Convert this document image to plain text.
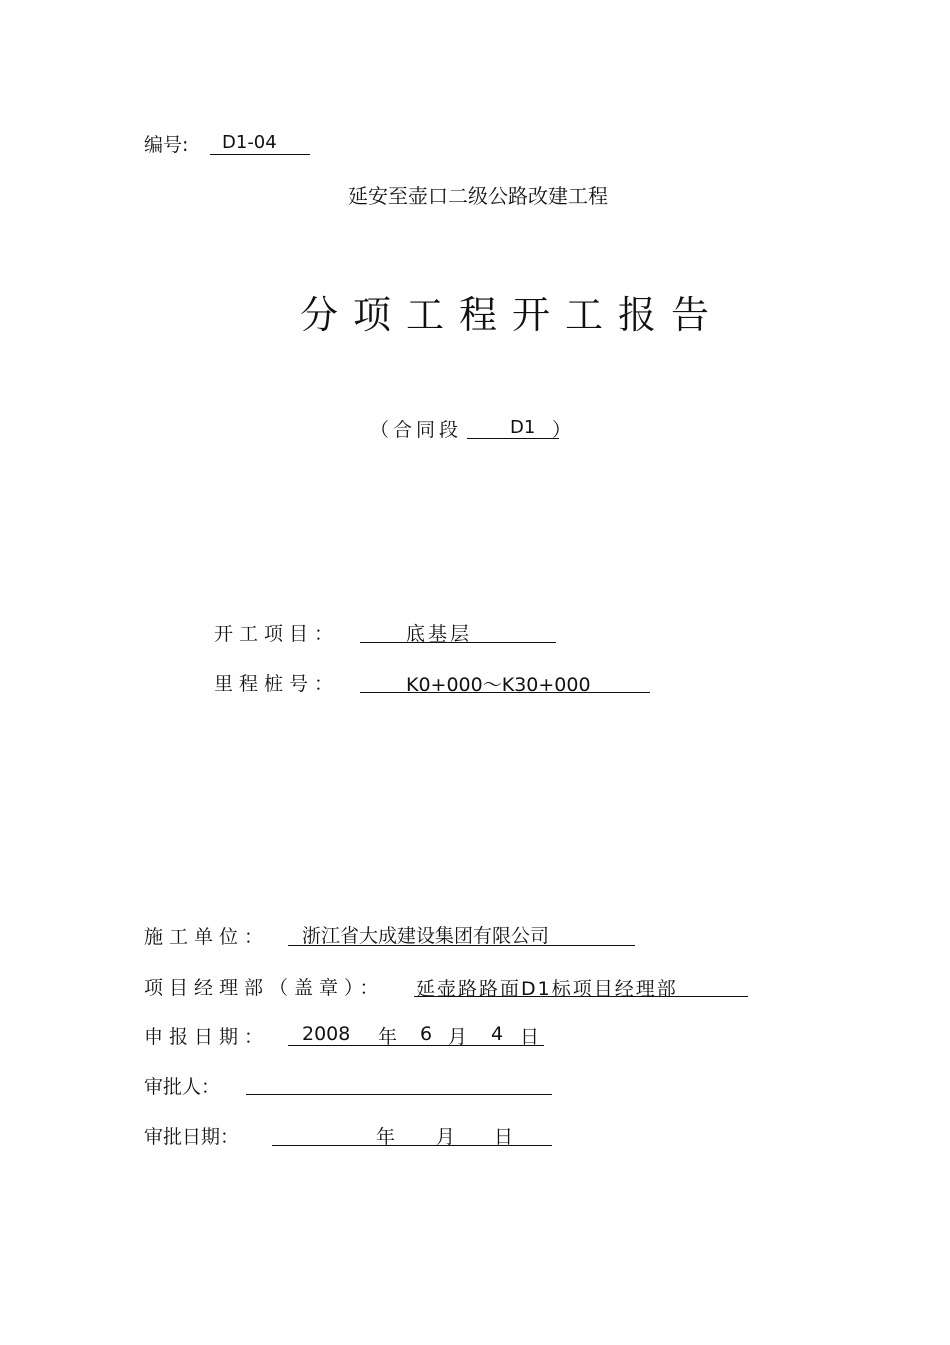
编号: D1-04
延安至壶口二级公路改建工程
分项工程开工报告
（合同段	D1 ）
开工项目：	底基层
里程桩号：	K0+000～K30+000
施工单位： 浙江省大成建设集团有限公司
项目经理部（盖章）： 延壶路路面D1标项目经理部
申报日期： 2008 年 6 月 4 日
审批人：
审批日期：	年 月 日
